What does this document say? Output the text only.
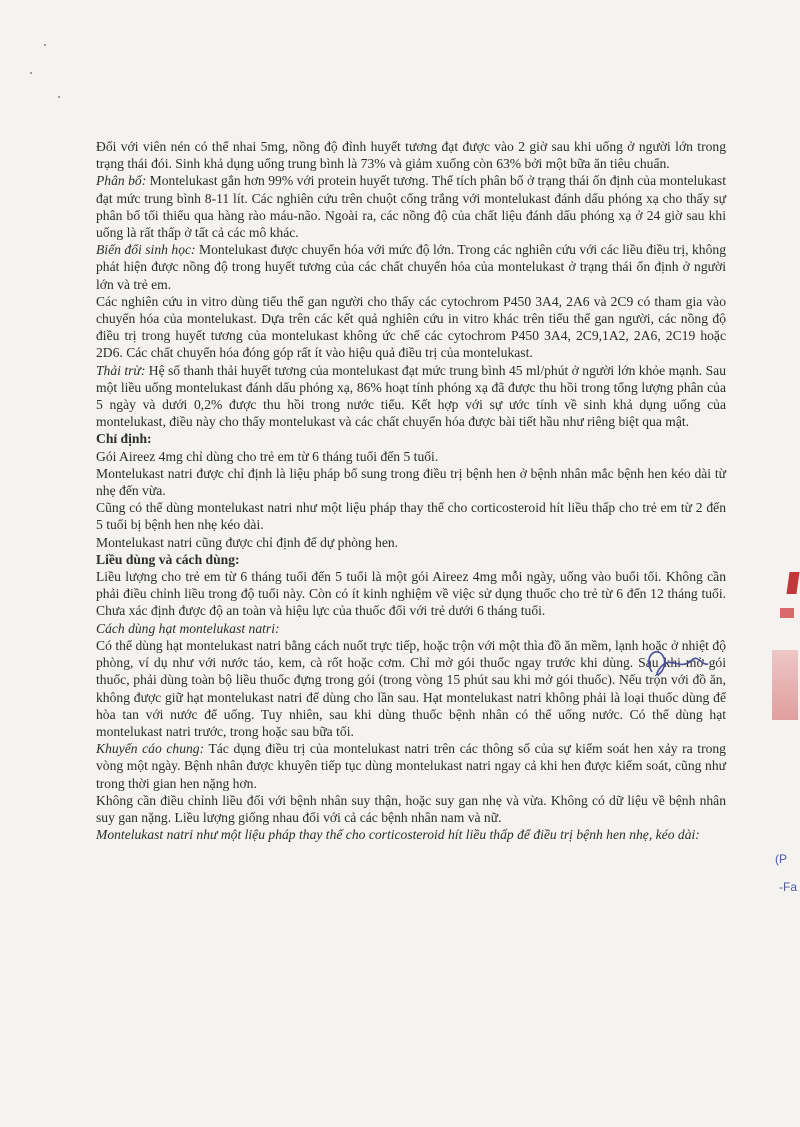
Đối với viên nén có thể nhai 5mg, nồng độ đỉnh huyết tương đạt được vào 2 giờ sau khi uống ở người lớn trong trạng thái đói. Sinh khả dụng uống trung bình là 73% và giảm xuống còn 63% bởi một bữa ăn tiêu chuẩn.

Phân bố: Montelukast gắn hơn 99% với protein huyết tương. Thể tích phân bố ở trạng thái ổn định của montelukast đạt mức trung bình 8-11 lít. Các nghiên cứu trên chuột cống trắng với montelukast đánh dấu phóng xạ cho thấy sự phân bố tối thiểu qua hàng rào máu-não. Ngoài ra, các nồng độ của chất liệu đánh dấu phóng xạ ở 24 giờ sau khi uống là rất thấp ở tất cả các mô khác.

Biến đổi sinh học: Montelukast được chuyển hóa với mức độ lớn. Trong các nghiên cứu với các liều điều trị, không phát hiện được nồng độ trong huyết tương của các chất chuyển hóa của montelukast ở trạng thái ổn định ở người lớn và trẻ em.

Các nghiên cứu in vitro dùng tiểu thể gan người cho thấy các cytochrom P450 3A4, 2A6 và 2C9 có tham gia vào chuyển hóa của montelukast. Dựa trên các kết quả nghiên cứu in vitro khác trên tiểu thể gan người, các nồng độ điều trị trong huyết tương của montelukast không ức chế các cytochrom P450 3A4, 2C9,1A2, 2A6, 2C19 hoặc 2D6. Các chất chuyển hóa đóng góp rất ít vào hiệu quả điều trị của montelukast.

Thải trừ: Hệ số thanh thải huyết tương của montelukast đạt mức trung bình 45 ml/phút ở người lớn khỏe mạnh. Sau một liều uống montelukast đánh dấu phóng xạ, 86% hoạt tính phóng xạ đã được thu hồi trong tổng lượng phân của 5 ngày và dưới 0,2% được thu hồi trong nước tiểu. Kết hợp với sự ước tính về sinh khả dụng uống của montelukast, điều này cho thấy montelukast và các chất chuyển hóa được bài tiết hầu như riêng biệt qua mật.

Chỉ định:

Gói Aireez 4mg chỉ dùng cho trẻ em từ 6 tháng tuổi đến 5 tuổi.

Montelukast natri được chỉ định là liệu pháp bổ sung trong điều trị bệnh hen ở bệnh nhân mắc bệnh hen kéo dài từ nhẹ đến vừa.

Cũng có thể dùng montelukast natri như một liệu pháp thay thế cho corticosteroid hít liều thấp cho trẻ em từ 2 đến 5 tuổi bị bệnh hen nhẹ kéo dài.

Montelukast natri cũng được chỉ định để dự phòng hen.

Liều dùng và cách dùng:

Liều lượng cho trẻ em từ 6 tháng tuổi đến 5 tuổi là một gói Aireez 4mg mỗi ngày, uống vào buổi tối. Không cần phải điều chỉnh liều trong độ tuổi này. Còn có ít kinh nghiệm về việc sử dụng thuốc cho trẻ từ 6 đến 12 tháng tuổi. Chưa xác định được độ an toàn và hiệu lực của thuốc đối với trẻ dưới 6 tháng tuổi.

Cách dùng hạt montelukast natri:

Có thể dùng hạt montelukast natri bằng cách nuốt trực tiếp, hoặc trộn với một thìa đồ ăn mềm, lạnh hoặc ở nhiệt độ phòng, ví dụ như với nước táo, kem, cà rốt hoặc cơm. Chỉ mở gói thuốc ngay trước khi dùng. Sau khi mở gói thuốc, phải dùng toàn bộ liều thuốc đựng trong gói (trong vòng 15 phút sau khi mở gói thuốc). Nếu trộn với đồ ăn, không được giữ hạt montelukast natri để dùng cho lần sau. Hạt montelukast natri không phải là loại thuốc dùng để hòa tan với nước để uống. Tuy nhiên, sau khi dùng thuốc bệnh nhân có thể uống nước. Có thể dùng hạt montelukast natri trước, trong hoặc sau bữa tối.

Khuyến cáo chung: Tác dụng điều trị của montelukast natri trên các thông số của sự kiểm soát hen xảy ra trong vòng một ngày. Bệnh nhân được khuyên tiếp tục dùng montelukast natri ngay cả khi hen được kiểm soát, cũng như trong thời gian hen nặng hơn.

Không cần điều chỉnh liều đối với bệnh nhân suy thận, hoặc suy gan nhẹ và vừa. Không có dữ liệu về bệnh nhân suy gan nặng. Liều lượng giống nhau đối với cả các bệnh nhân nam và nữ.

Montelukast natri như một liệu pháp thay thế cho corticosteroid hít liều thấp để điều trị bệnh hen nhẹ, kéo dài:

(P
-Fa
